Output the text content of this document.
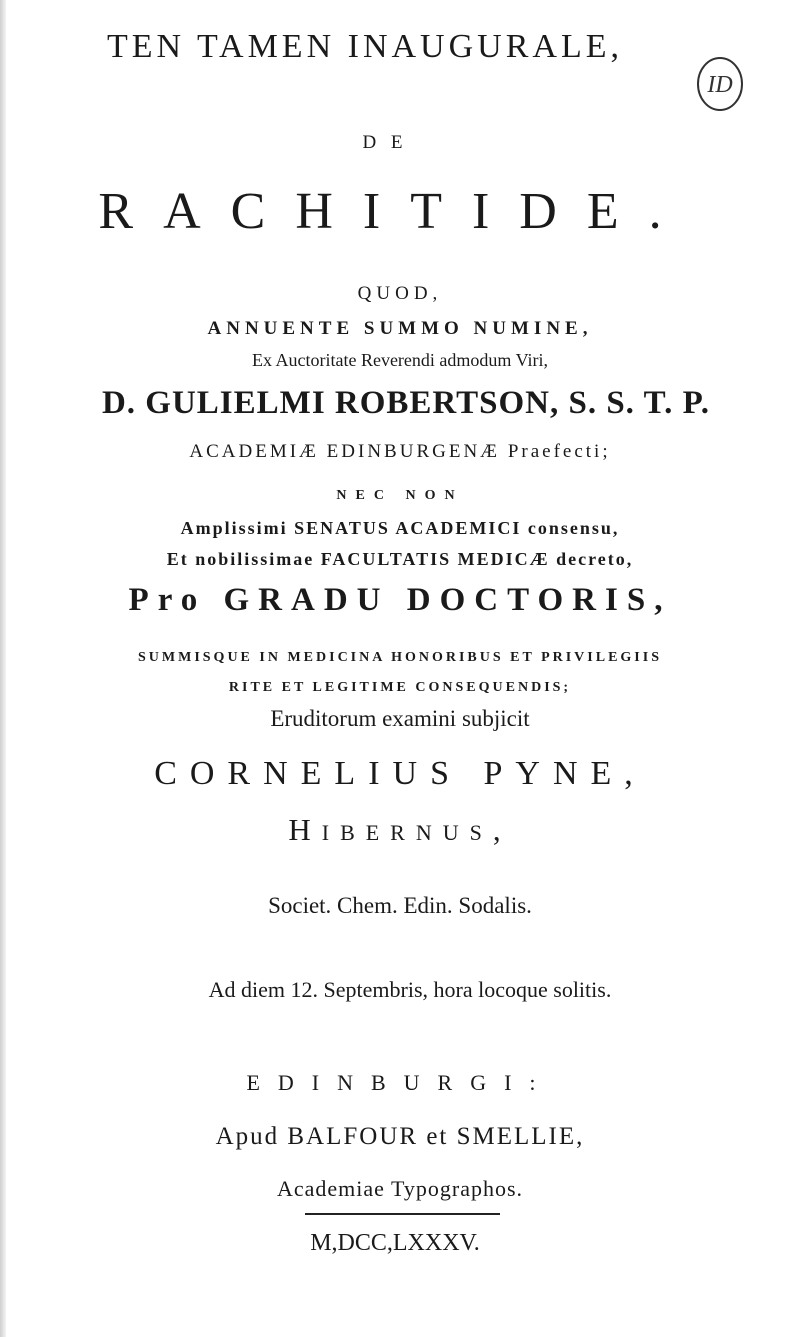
TEN TAMEN INAUGURALE,
ID
D E
RACHITIDE.
QUOD,
ANNUENTE SUMMO NUMINE,
Ex Auctoritate Reverendi admodum Viri,
D. GULIELMI ROBERTSON, S. S. T. P.
ACADEMIÆ EDINBURGENÆ Praefecti;
NEC NON
Amplissimi SENATUS ACADEMICI consensu,
Et nobilissimae FACULTATIS MEDICÆ decreto,
Pro GRADU DOCTORIS,
SUMMISQUE IN MEDICINA HONORIBUS ET PRIVILEGIIS
RITE ET LEGITIME CONSEQUENDIS;
Eruditorum examini subjicit
CORNELIUS PYNE,
Hibernus,
Societ. Chem. Edin. Sodalis.
Ad diem 12. Septembris, hora locoque solitis.
EDINBURGI:
Apud BALFOUR et SMELLIE,
Academiae Typographos.
M,DCC,LXXXV.
